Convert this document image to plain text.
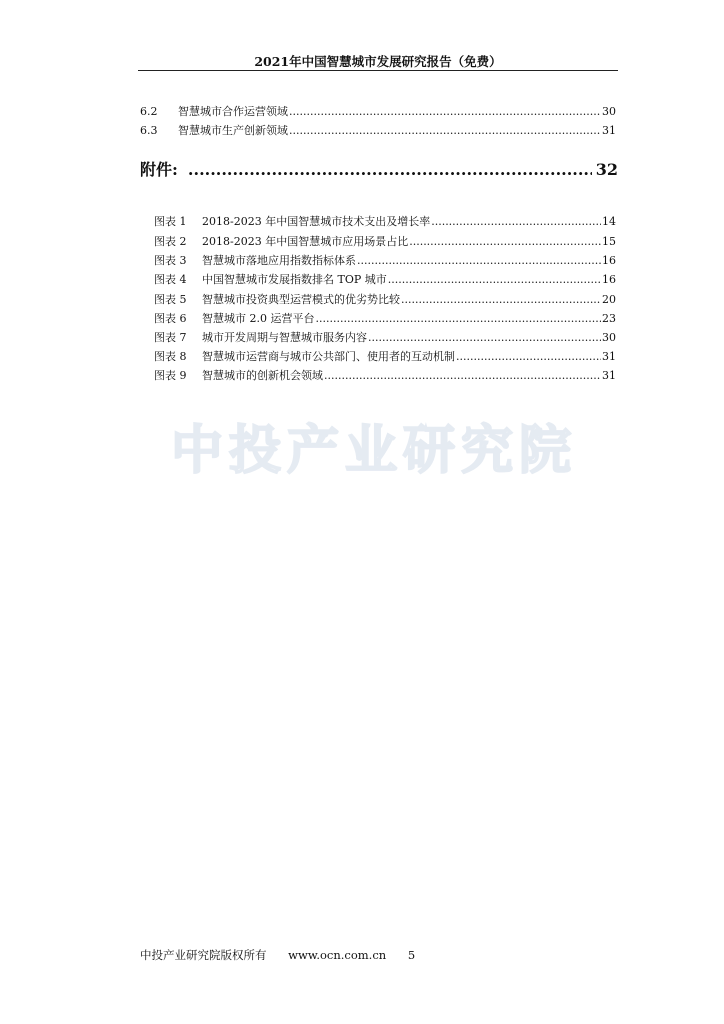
2021年中国智慧城市发展研究报告（免费）
6.2	智慧城市合作运营领域 .....	30
6.3	智慧城市生产创新领域 .....	31
附件: .....	32
图表 1	2018-2023 年中国智慧城市技术支出及增长率 .....	14
图表 2	2018-2023 年中国智慧城市应用场景占比 .....	15
图表 3	智慧城市落地应用指数指标体系 .....	16
图表 4	中国智慧城市发展指数排名 TOP 城市 .....	16
图表 5	智慧城市投资典型运营模式的优劣势比较 .....	20
图表 6	智慧城市 2.0 运营平台 .....	23
图表 7	城市开发周期与智慧城市服务内容 .....	30
图表 8	智慧城市运营商与城市公共部门、使用者的互动机制 .....	31
图表 9	智慧城市的创新机会领域 .....	31
中投产业研究院
中投产业研究院版权所有 www.ocn.com.cn 5
